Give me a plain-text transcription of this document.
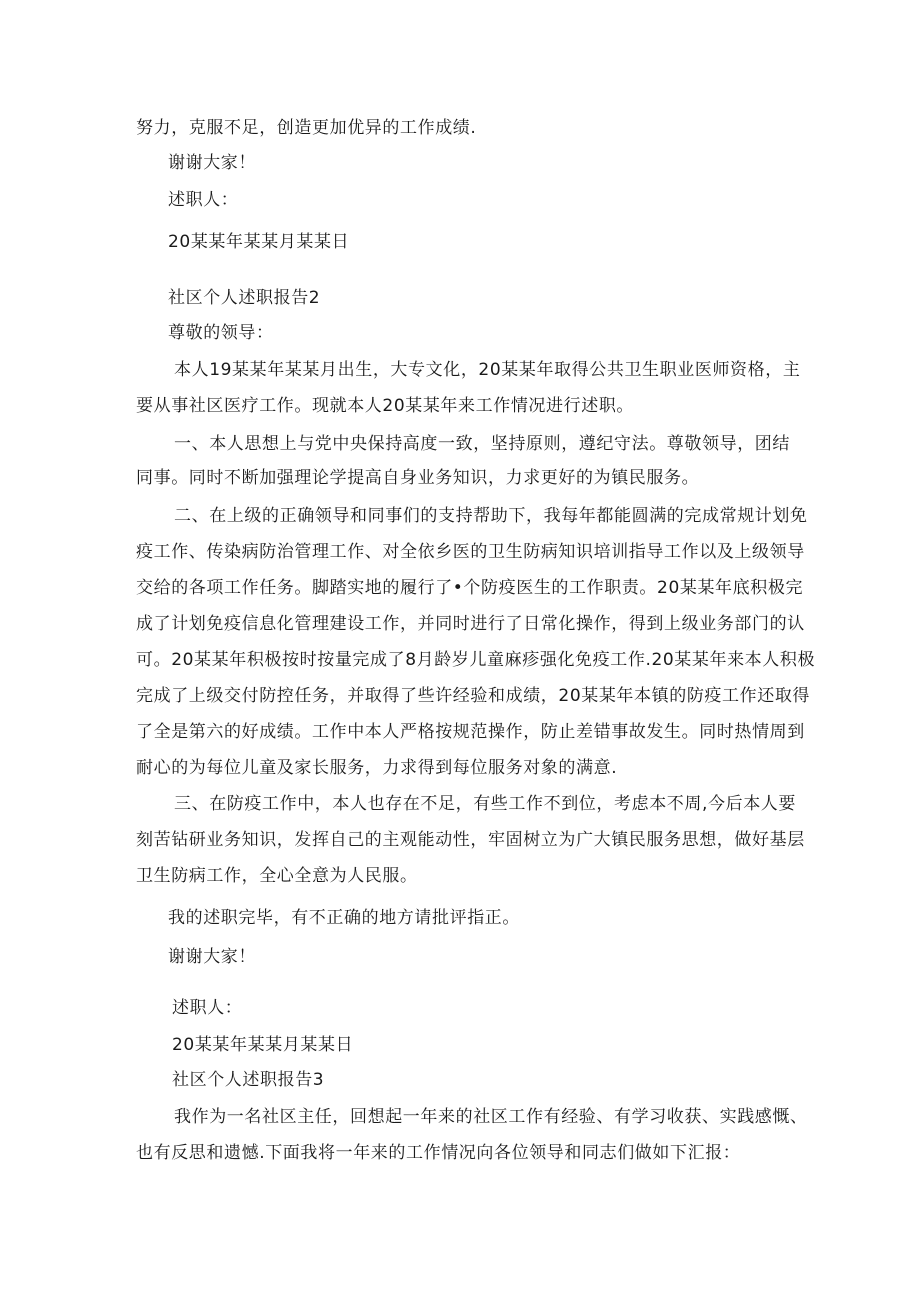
努力，克服不足，创造更加优异的工作成绩.

谢谢大家！

述职人：

20某某年某某月某某日

社区个人述职报告2

尊敬的领导：

本人19某某年某某月出生，大专文化，20某某年取得公共卫生职业医师资格，主

要从事社区医疗工作。现就本人20某某年来工作情况进行述职。

一、本人思想上与党中央保持高度一致，坚持原则，遵纪守法。尊敬领导，团结

同事。同时不断加强理论学提高自身业务知识，力求更好的为镇民服务。

二、在上级的正确领导和同事们的支持帮助下，我每年都能圆满的完成常规计划免

疫工作、传染病防治管理工作、对全依乡医的卫生防病知识培训指导工作以及上级领导

交给的各项工作任务。脚踏实地的履行了•个防疫医生的工作职责。20某某年底积极完

成了计划免疫信息化管理建设工作，并同时进行了日常化操作，得到上级业务部门的认

可。20某某年积极按时按量完成了8月龄岁儿童麻疹强化免疫工作.20某某年来本人积极

完成了上级交付防控任务，并取得了些许经验和成绩，20某某年本镇的防疫工作还取得

了全是第六的好成绩。工作中本人严格按规范操作，防止差错事故发生。同时热情周到

耐心的为每位儿童及家长服务，力求得到每位服务对象的满意.

三、在防疫工作中，本人也存在不足，有些工作不到位，考虑本不周,今后本人要

刻苦钻研业务知识，发挥自己的主观能动性，牢固树立为广大镇民服务思想，做好基层

卫生防病工作，全心全意为人民服。

我的述职完毕，有不正确的地方请批评指正。

谢谢大家！

述职人：

20某某年某某月某某日

社区个人述职报告3

我作为一名社区主任，回想起一年来的社区工作有经验、有学习收获、实践感慨、

也有反思和遗憾.下面我将一年来的工作情况向各位领导和同志们做如下汇报：
